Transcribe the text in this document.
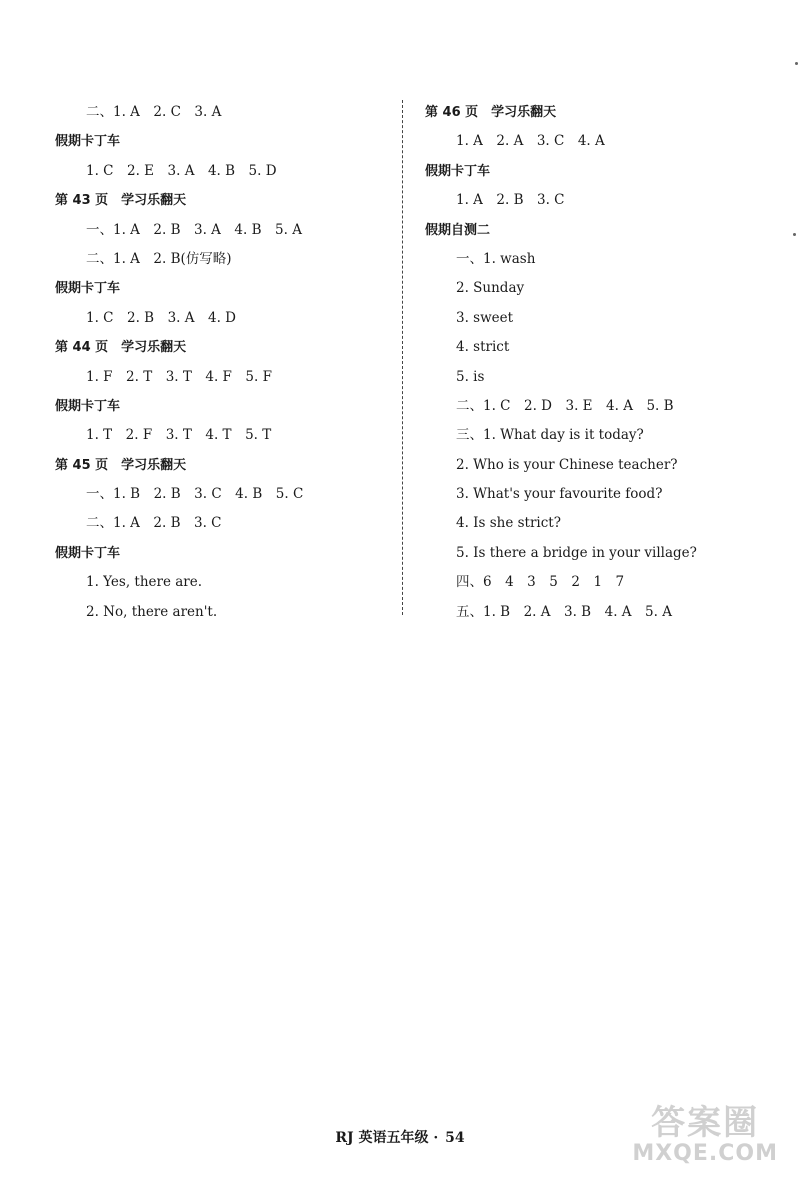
二、1. A　2. C　3. A
假期卡丁车
1. C　2. E　3. A　4. B　5. D
第 43 页　学习乐翻天
一、1. A　2. B　3. A　4. B　5. A
二、1. A　2. B(仿写略)
假期卡丁车
1. C　2. B　3. A　4. D
第 44 页　学习乐翻天
1. F　2. T　3. T　4. F　5. F
假期卡丁车
1. T　2. F　3. T　4. T　5. T
第 45 页　学习乐翻天
一、1. B　2. B　3. C　4. B　5. C
二、1. A　2. B　3. C
假期卡丁车
1. Yes, there are.
2. No, there aren't.
第 46 页　学习乐翻天
1. A　2. A　3. C　4. A
假期卡丁车
1. A　2. B　3. C
假期自测二
一、1. wash
2. Sunday
3. sweet
4. strict
5. is
二、1. C　2. D　3. E　4. A　5. B
三、1. What day is it today?
2. Who is your Chinese teacher?
3. What's your favourite food?
4. Is she strict?
5. Is there a bridge in your village?
四、6　4　3　5　2　1　7
五、1. B　2. A　3. B　4. A　5. A
RJ 英语五年级 · 54	答案圈
MXQE.COM
